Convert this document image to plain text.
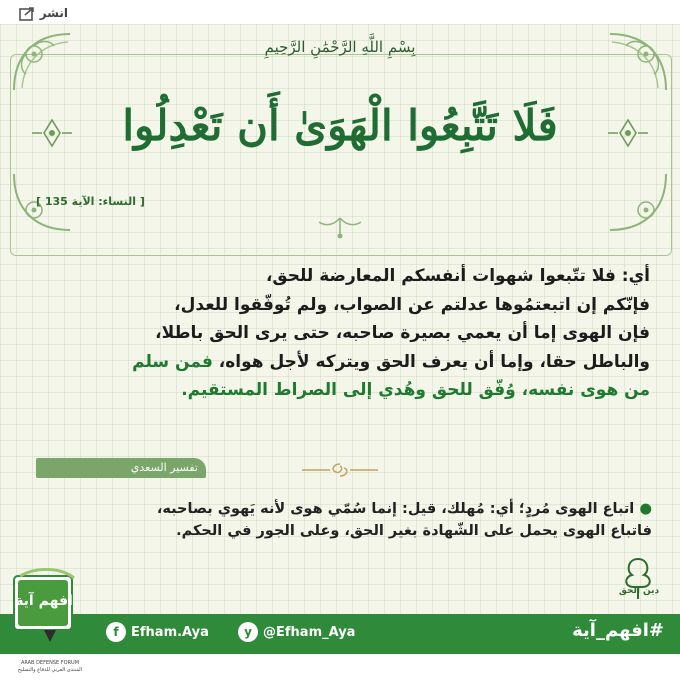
انشر
بِسْمِ اللَّهِ الرَّحْمَٰنِ الرَّحِيمِ
فَلَا تَتَّبِعُوا الْهَوَىٰ أَن تَعْدِلُوا
[ النساء: الآية 135 ]
أي: فلا تتّبعوا شهوات أنفسكم المعارضة للحق،
فإنّكم إن اتبعتمُوها عدلتم عن الصواب، ولم تُوفّقوا للعدل،
فإن الهوى إما أن يعمي بصيرة صاحبه، حتى يرى الحق باطلا،
والباطل حقا، وإما أن يعرف الحق ويتركه لأجل هواه، فمن سلم
من هوى نفسه، وُفّق للحق وهُدي إلى الصراط المستقيم.
تفسير السعدي
● اتباع الهوى مُردٍ؛ أي: مُهلك، قيل: إنما سُمّي هوى لأنه يَهوي بصاحبه،
فاتباع الهوى يحمل على الشّهادة بغير الحق، وعلى الجور في الحكم.
#افهم_آية
y @Efham_Aya
f Efham.Aya
افهم آية
ARAB DEFENSE FORUM
المنتدى العربي للدفاع والتسليح
دين الحق
